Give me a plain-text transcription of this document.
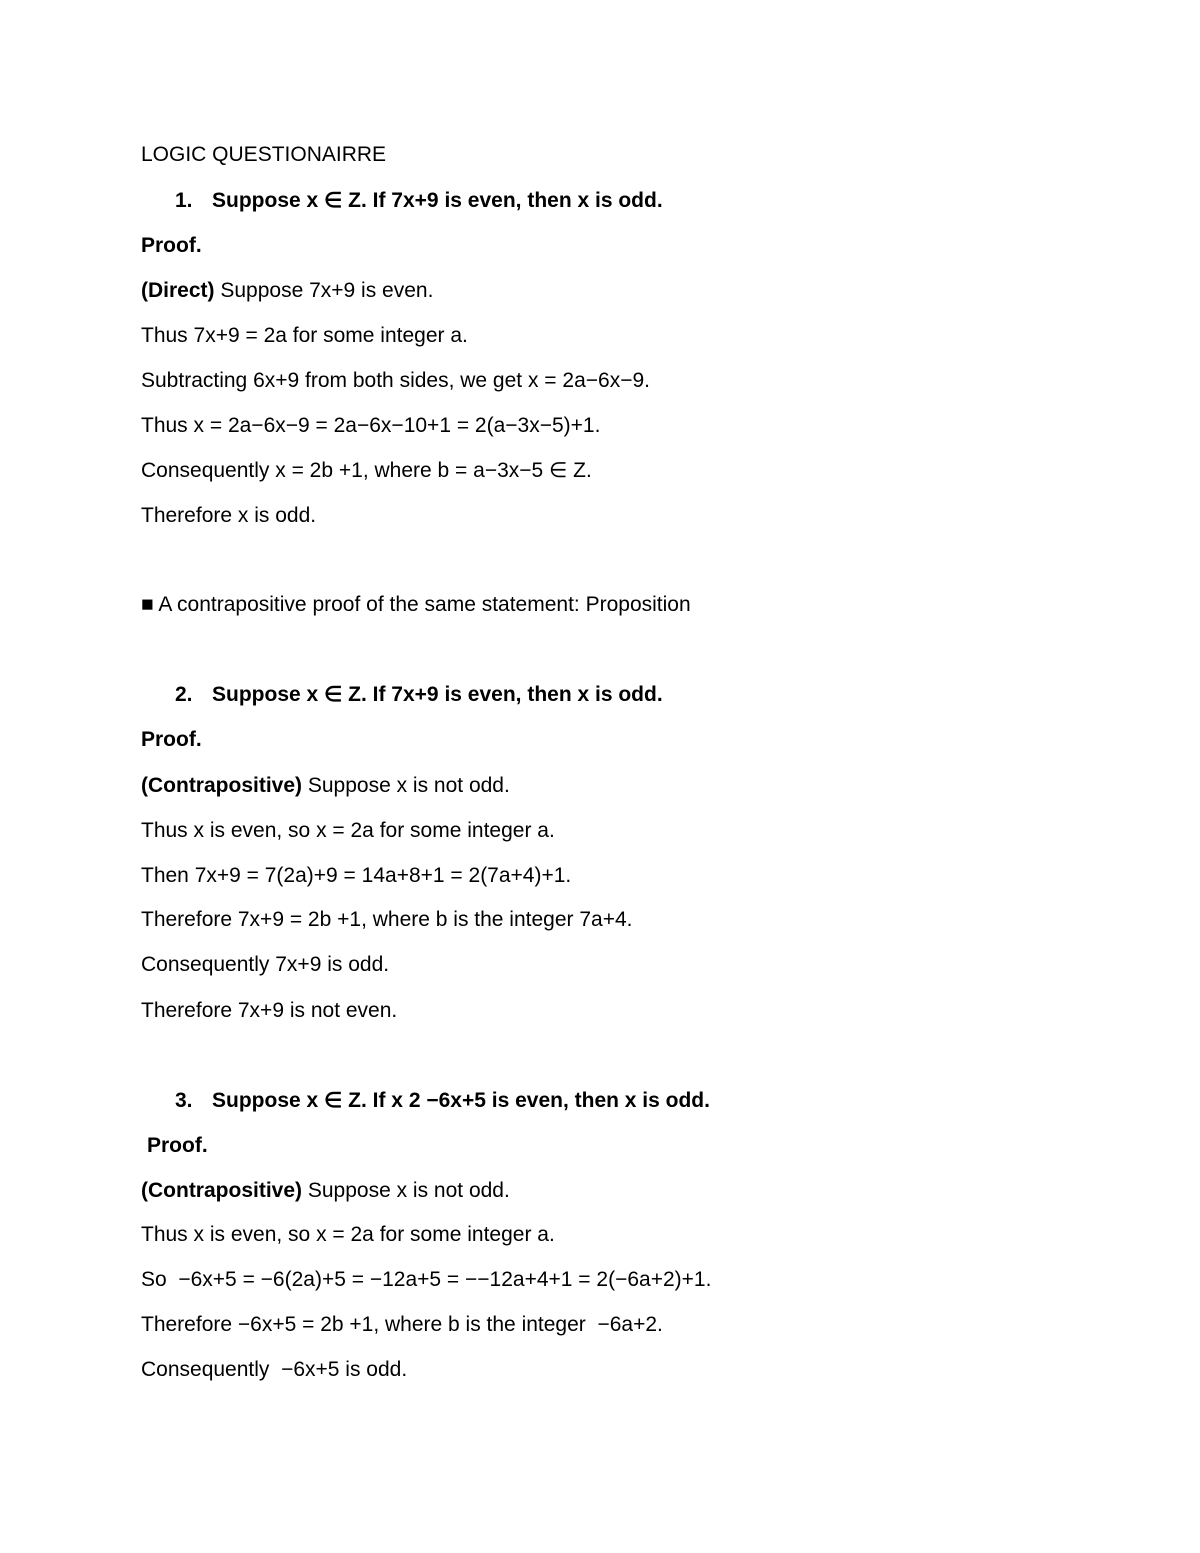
LOGIC QUESTIONAIRRE
1. Suppose x ∈ Z. If 7x+9 is even, then x is odd.
Proof.
(Direct) Suppose 7x+9 is even.
Thus 7x+9 = 2a for some integer a.
Subtracting 6x+9 from both sides, we get x = 2a−6x−9.
Thus x = 2a−6x−9 = 2a−6x−10+1 = 2(a−3x−5)+1.
Consequently x = 2b +1, where b = a−3x−5 ∈ Z.
Therefore x is odd.
■ A contrapositive proof of the same statement: Proposition
2. Suppose x ∈ Z. If 7x+9 is even, then x is odd.
Proof.
(Contrapositive) Suppose x is not odd.
Thus x is even, so x = 2a for some integer a.
Then 7x+9 = 7(2a)+9 = 14a+8+1 = 2(7a+4)+1.
Therefore 7x+9 = 2b +1, where b is the integer 7a+4.
Consequently 7x+9 is odd.
Therefore 7x+9 is not even.
3. Suppose x ∈ Z. If x 2 −6x+5 is even, then x is odd.
Proof.
(Contrapositive) Suppose x is not odd.
Thus x is even, so x = 2a for some integer a.
So  −6x+5 = −6(2a)+5 = −12a+5 = −−12a+4+1 = 2(−6a+2)+1.
Therefore −6x+5 = 2b +1, where b is the integer  −6a+2.
Consequently  −6x+5 is odd.
